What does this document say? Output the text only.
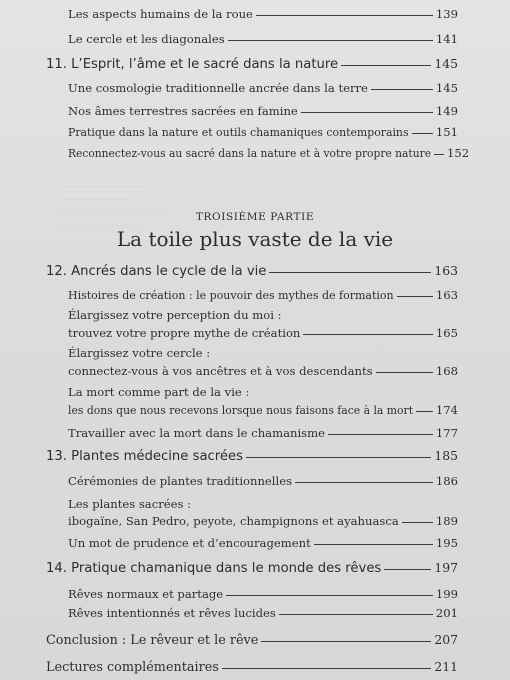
Les aspects humains de la roue	139
Le cercle et les diagonales	141
11. L’Esprit, l’âme et le sacré dans la nature	145
Une cosmologie traditionnelle ancrée dans la terre	145
Nos âmes terrestres sacrées en famine	149
Pratique dans la nature et outils chamaniques contemporains 151
Reconnectez-vous au sacré dans la nature et à votre propre nature 152
TROISIÈME PARTIE
La toile plus vaste de la vie
12. Ancrés dans le cycle de la vie	163
Histoires de création : le pouvoir des mythes de formation	163
Élargissez votre perception du moi :
trouvez votre propre mythe de création	165
Élargissez votre cercle :
connectez-vous à vos ancêtres et à vos descendants	168
La mort comme part de la vie :
les dons que nous recevons lorsque nous faisons face à la mort 174
Travailler avec la mort dans le chamanisme	177
13. Plantes médecine sacrées	185
Cérémonies de plantes traditionnelles	186
Les plantes sacrées :
ibogaïne, San Pedro, peyote, champignons et ayahuasca	189
Un mot de prudence et d’encouragement	195
14. Pratique chamanique dans le monde des rêves	197
Rêves normaux et partage	199
Rêves intentionnés et rêves lucides	201
Conclusion : Le rêveur et le rêve	207
Lectures complémentaires	211
